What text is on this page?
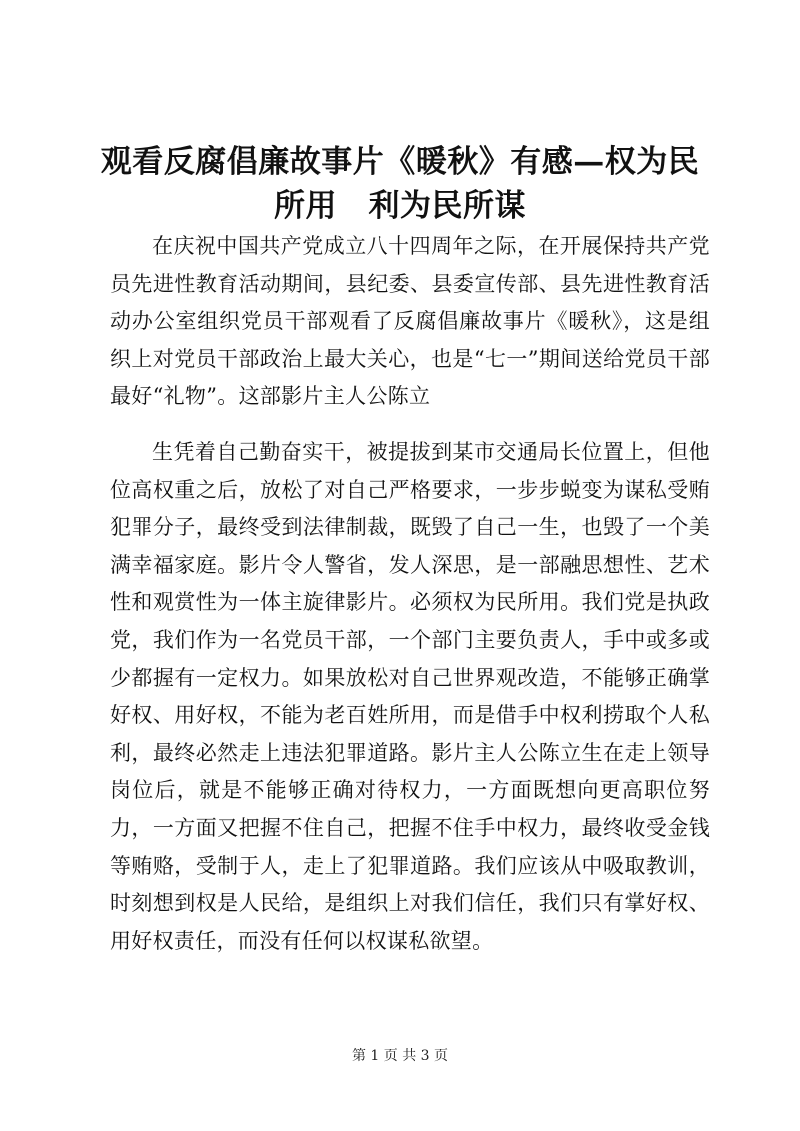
观看反腐倡廉故事片《暖秋》有感—权为民所用　利为民所谋

在庆祝中国共产党成立八十四周年之际，在开展保持共产党员先进性教育活动期间，县纪委、县委宣传部、县先进性教育活动办公室组织党员干部观看了反腐倡廉故事片《暖秋》，这是组织上对党员干部政治上最大关心，也是“七一”期间送给党员干部最好“礼物”。这部影片主人公陈立

生凭着自己勤奋实干，被提拔到某市交通局长位置上，但他位高权重之后，放松了对自己严格要求，一步步蜕变为谋私受贿犯罪分子，最终受到法律制裁，既毁了自己一生，也毁了一个美满幸福家庭。影片令人警省，发人深思，是一部融思想性、艺术性和观赏性为一体主旋律影片。必须权为民所用。我们党是执政党，我们作为一名党员干部，一个部门主要负责人，手中或多或少都握有一定权力。如果放松对自己世界观改造，不能够正确掌好权、用好权，不能为老百姓所用，而是借手中权利捞取个人私利，最终必然走上违法犯罪道路。影片主人公陈立生在走上领导岗位后，就是不能够正确对待权力，一方面既想向更高职位努力，一方面又把握不住自己，把握不住手中权力，最终收受金钱等贿赂，受制于人，走上了犯罪道路。我们应该从中吸取教训，时刻想到权是人民给，是组织上对我们信任，我们只有掌好权、用好权责任，而没有任何以权谋私欲望。

第 1 页 共 3 页
